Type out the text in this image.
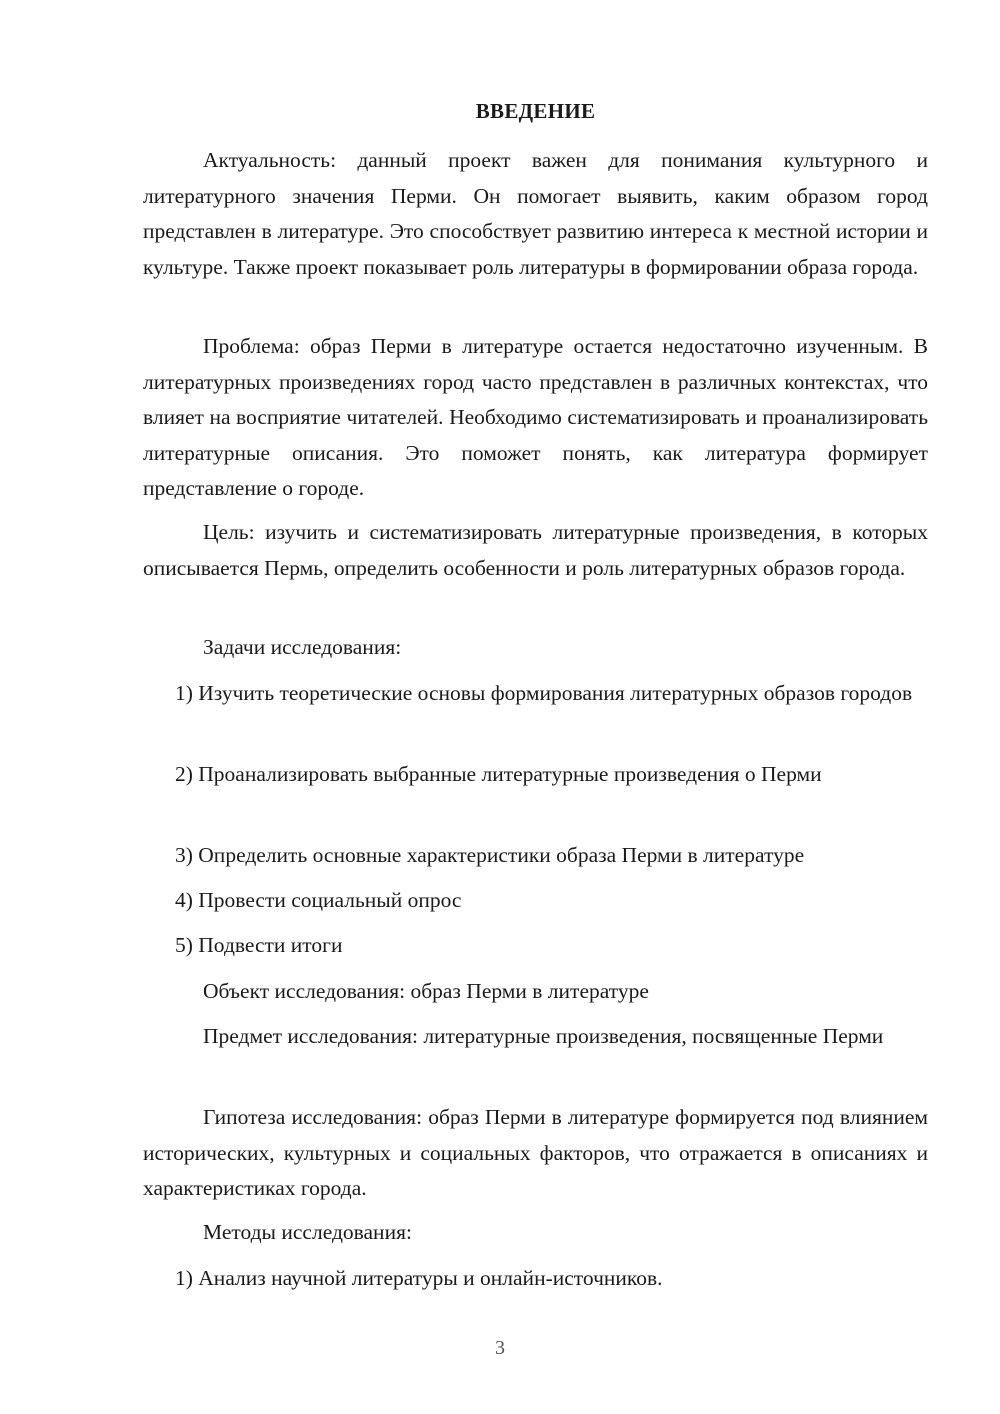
ВВЕДЕНИЕ

Актуальность: данный проект важен для понимания культурного и литературного значения Перми. Он помогает выявить, каким образом город представлен в литературе. Это способствует развитию интереса к местной истории и культуре. Также проект показывает роль литературы в формировании образа города.

Проблема: образ Перми в литературе остается недостаточно изученным. В литературных произведениях город часто представлен в различных контекстах, что влияет на восприятие читателей. Необходимо систематизировать и проанализировать литературные описания. Это поможет понять, как литература формирует представление о городе.

Цель: изучить и систематизировать литературные произведения, в которых описывается Пермь, определить особенности и роль литературных образов города.

Задачи исследования:

1) Изучить теоретические основы формирования литературных образов городов

2) Проанализировать выбранные литературные произведения о Перми

3) Определить основные характеристики образа Перми в литературе

4) Провести социальный опрос

5) Подвести итоги

Объект исследования: образ Перми в литературе

Предмет исследования: литературные произведения, посвященные Перми

Гипотеза исследования: образ Перми в литературе формируется под влиянием исторических, культурных и социальных факторов, что отражается в описаниях и характеристиках города.

Методы исследования:

1) Анализ научной литературы и онлайн-источников.

3
